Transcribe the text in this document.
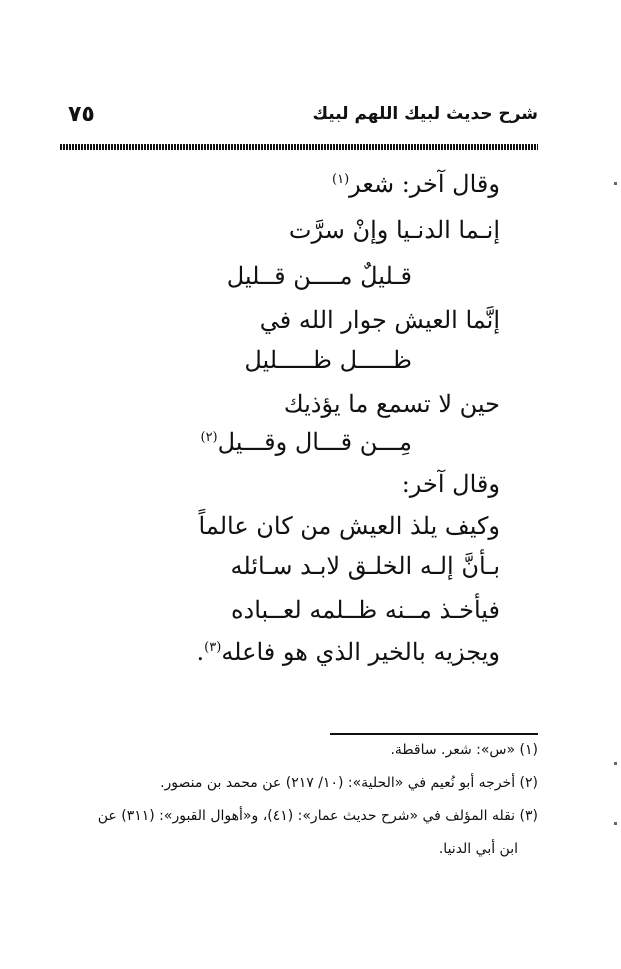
٧٥	شرح حديث لبيك اللهم لبيك
وقال آخر: شعر$^{(١)}$
إنـما الدنـيا وإنْ سرَّت
قـليلٌ مــــن قــليل
إنَّما العيش جوار الله في
ظـــــل ظـــــليل
حين لا تسمع ما يؤذيك
مِـــن قـــال وقـــيل$^{(٢)}$
وقال آخر:
وكيف يلذ العيش من كان عالماً
بـأنَّ إلـه الخلـق لابـد سـائله
فيأخـذ مــنه ظــلمه لعــباده
ويجزيه بالخير الذي هو فاعله$^{(٣)}$.
(١) «س»: شعر. ساقطة.
(٢) أخرجه أبو نُعيم في «الحلية»: (١٠/ ٢١٧) عن محمد بن منصور.
(٣) نقله المؤلف في «شرح حديث عمار»: (٤١)، و«أهوال القبور»: (٣١١) عن
ابن أبي الدنيا.
